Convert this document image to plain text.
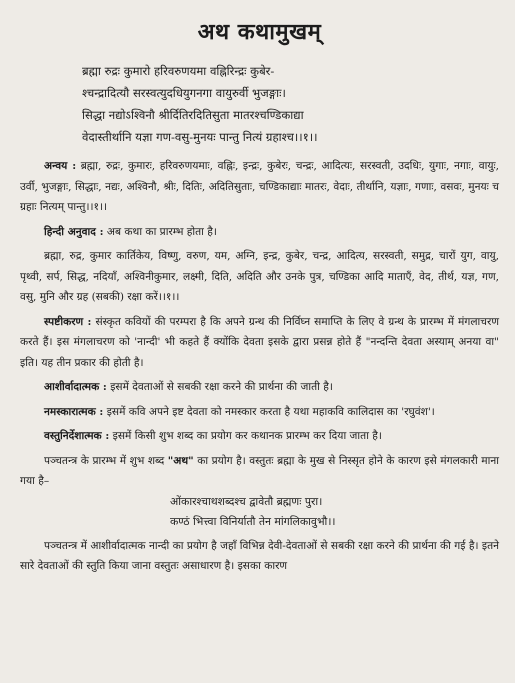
अथ कथामुखम्
ब्रह्मा रुद्रः कुमारो हरिवरुणयमा वह्निरिन्द्रः कुबेर-
श्चन्द्रादित्यौ सरस्वत्युदधियुगनगा वायुरुर्वी भुजङ्गाः।
सिद्धा नद्योऽश्विनौ श्रीर्दितिरदितिसुता मातरश्चण्डिकाद्या
वेदास्तीर्थानि यज्ञा गण-वसु-मुनयः पान्तु नित्यं ग्रहाश्च।।१।।
अन्वय : ब्रह्मा, रुद्रः, कुमारः, हरिवरुणयमाः, वह्निः, इन्द्रः, कुबेरः, चन्द्रः, आदित्यः, सरस्वती, उदधिः, युगाः, नगाः, वायुः, उर्वी, भुजङ्गाः, सिद्धाः, नद्यः, अश्विनौ, श्रीः, दितिः, अदितिसुताः, चण्डिकाद्याः मातरः, वेदाः, तीर्थानि, यज्ञाः, गणाः, वसवः, मुनयः च ग्रहाः नित्यम् पान्तु।।१।।
हिन्दी अनुवाद : अब कथा का प्रारम्भ होता है।
ब्रह्मा, रुद्र, कुमार कार्तिकेय, विष्णु, वरुण, यम, अग्नि, इन्द्र, कुबेर, चन्द्र, आदित्य, सरस्वती, समुद्र, चारों युग, वायु, पृथ्वी, सर्प, सिद्ध, नदियाँ, अश्विनीकुमार, लक्ष्मी, दिति, अदिति और उनके पुत्र, चण्डिका आदि माताएँ, वेद, तीर्थ, यज्ञ, गण, वसु, मुनि और ग्रह (सबकी) रक्षा करें।।१।।
स्पष्टीकरण : संस्कृत कवियों की परम्परा है कि अपने ग्रन्थ की निर्विघ्न समाप्ति के लिए वे ग्रन्थ के प्रारम्भ में मंगलाचरण करते हैं। इस मंगलाचरण को 'नान्दी' भी कहते हैं क्योंकि देवता इसके द्वारा प्रसन्न होते हैं "नन्दन्ति देवता अस्याम् अनया वा" इति। यह तीन प्रकार की होती है।
आशीर्वादात्मक : इसमें देवताओं से सबकी रक्षा करने की प्रार्थना की जाती है।
नमस्कारात्मक : इसमें कवि अपने इष्ट देवता को नमस्कार करता है यथा महाकवि कालिदास का 'रघुवंश'।
वस्तुनिर्देशात्मक : इसमें किसी शुभ शब्द का प्रयोग कर कथानक प्रारम्भ कर दिया जाता है।
पञ्चतन्त्र के प्रारम्भ में शुभ शब्द "अथ" का प्रयोग है। वस्तुतः ब्रह्मा के मुख से निस्सृत होने के कारण इसे मंगलकारी माना गया है–
ओंकारश्चाथशब्दश्च द्वावेतौ ब्रह्मणः पुरा।
कण्ठं भित्त्वा विनिर्यातौ तेन मांगलिकावुभौ।।
पञ्चतन्त्र में आशीर्वादात्मक नान्दी का प्रयोग है जहाँ विभिन्न देवी-देवताओं से सबकी रक्षा करने की प्रार्थना की गई है। इतने सारे देवताओं की स्तुति किया जाना वस्तुतः असाधारण है। इसका कारण
